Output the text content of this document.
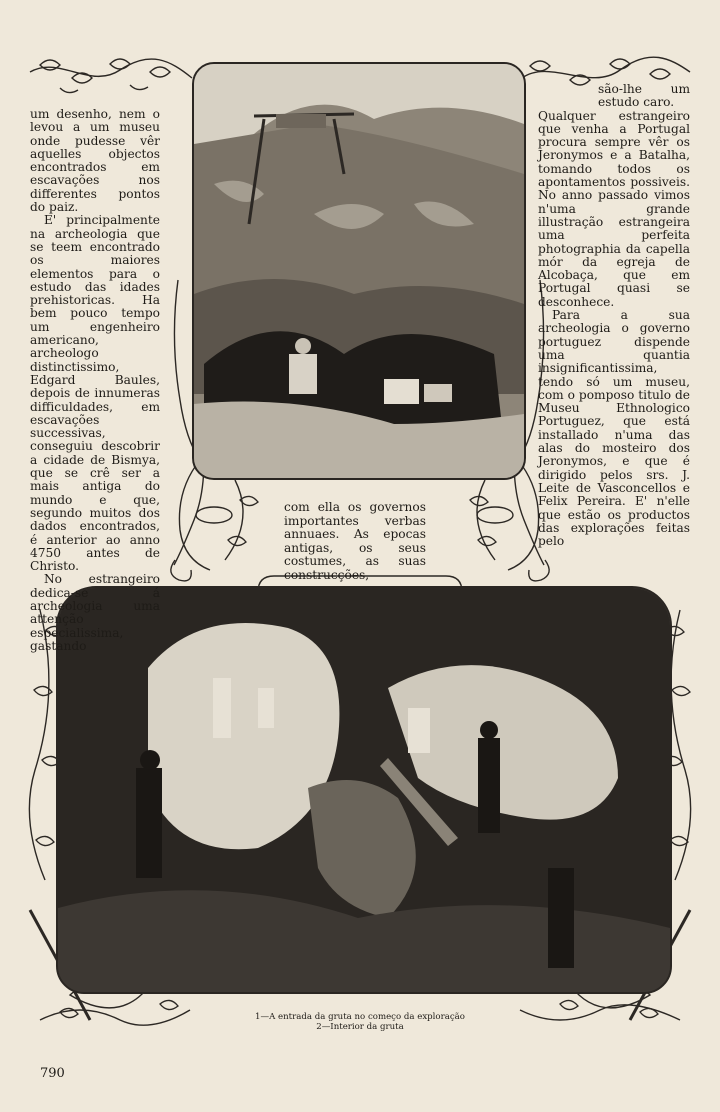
um desenho, nem o levou a um museu onde pudesse vêr aquelles objectos encontrados em escavações nos differentes pontos do paiz.

E' principalmente na archeologia que se teem encontrado os maiores elementos para o estudo das idades prehistoricas. Ha bem pouco tempo um engenheiro americano, archeologo distinctissimo, Edgard Baules, depois de innumeras difficuldades, em escavações successivas, conseguiu descobrir a cidade de Bismya, que se crê ser a mais antiga do mundo e que, segundo muitos dos dados encontrados, é anterior ao anno 4750 antes de Christo.

No estrangeiro dedica-se á archeologia uma attenção especialissima, gastando

com ella os governos importantes verbas annuaes. As epocas antigas, os seus costumes, as suas construcções,

são-lhe um estudo caro.

Qualquer estrangeiro que venha a Portugal procura sempre vêr os Jeronymos e a Batalha, tomando todos os apontamentos possiveis. No anno passado vimos n'uma grande illustração estrangeira uma perfeita photographia da capella mór da egreja de Alcobaça, que em Portugal quasi se desconhece.

Para a sua archeologia o governo portuguez dispende uma quantia insignificantissima, tendo só um museu, com o pomposo titulo de Museu Ethnologico Portuguez, que está installado n'uma das alas do mosteiro dos Jeronymos, e que é dirigido pelos srs. J. Leite de Vasconcellos e Felix Pereira. E' n'elle que estão os productos das explorações feitas pelo

1—A entrada da gruta no começo da exploração
2—Interior da gruta
790
